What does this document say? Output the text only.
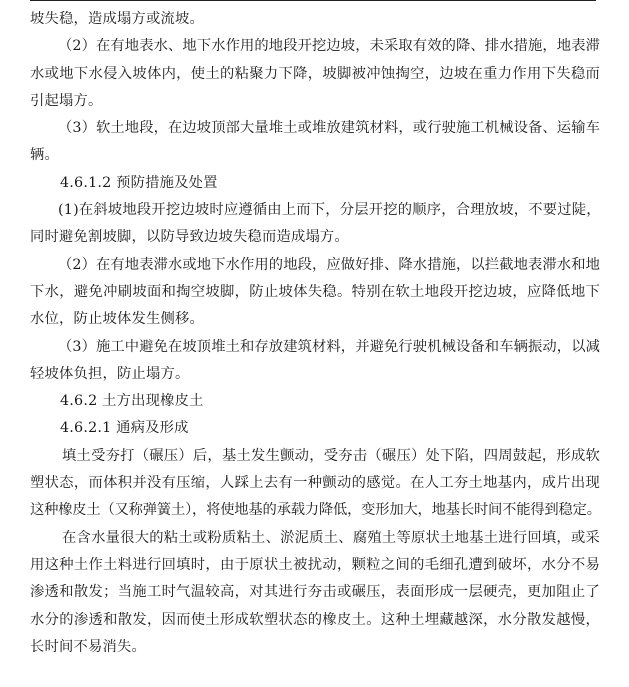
坡失稳，造成塌方或流坡。
（2）在有地表水、地下水作用的地段开挖边坡，未采取有效的降、排水措施，地表滞
水或地下水侵入坡体内，使土的粘聚力下降，坡脚被冲蚀掏空，边坡在重力作用下失稳而
引起塌方。
（3）软土地段，在边坡顶部大量堆土或堆放建筑材料，或行驶施工机械设备、运输车
辆。
4.6.1.2 预防措施及处置
(1)在斜坡地段开挖边坡时应遵循由上而下，分层开挖的顺序，合理放坡，不要过陡，
同时避免割坡脚，以防导致边坡失稳而造成塌方。
（2）在有地表滞水或地下水作用的地段，应做好排、降水措施，以拦截地表滞水和地
下水，避免冲刷坡面和掏空坡脚，防止坡体失稳。特别在软土地段开挖边坡，应降低地下
水位，防止坡体发生侧移。
（3）施工中避免在坡顶堆土和存放建筑材料，并避免行驶机械设备和车辆振动，以减
轻坡体负担，防止塌方。
4.6.2 土方出现橡皮土
4.6.2.1 通病及形成
填土受夯打（碾压）后，基土发生颤动，受夯击（碾压）处下陷，四周鼓起，形成软
塑状态，而体积并没有压缩，人踩上去有一种颤动的感觉。在人工夯土地基内，成片出现
这种橡皮土（又称弹簧土），将使地基的承载力降低，变形加大，地基长时间不能得到稳定。
在含水量很大的粘土或粉质粘土、淤泥质土、腐殖土等原状土地基土进行回填，或采
用这种土作土料进行回填时，由于原状土被扰动，颗粒之间的毛细孔遭到破坏，水分不易
渗透和散发；当施工时气温较高，对其进行夯击或碾压，表面形成一层硬壳，更加阻止了
水分的渗透和散发，因而使土形成软塑状态的橡皮土。这种土埋藏越深，水分散发越慢，
长时间不易消失。
